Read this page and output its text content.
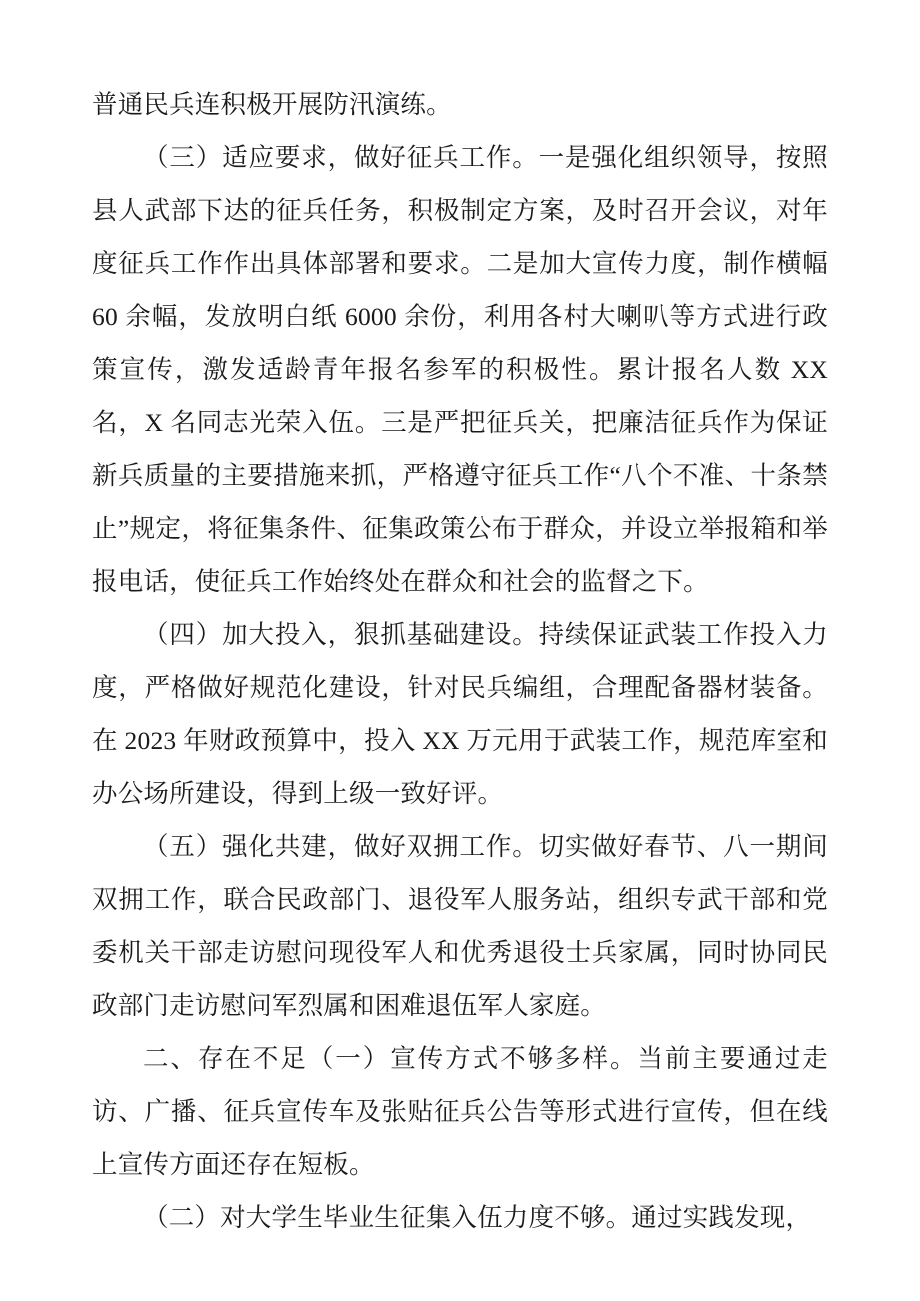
普通民兵连积极开展防汛演练。

（三）适应要求，做好征兵工作。一是强化组织领导，按照县人武部下达的征兵任务，积极制定方案，及时召开会议，对年度征兵工作作出具体部署和要求。二是加大宣传力度，制作横幅 60 余幅，发放明白纸 6000 余份，利用各村大喇叭等方式进行政策宣传，激发适龄青年报名参军的积极性。累计报名人数 XX 名，X 名同志光荣入伍。三是严把征兵关，把廉洁征兵作为保证新兵质量的主要措施来抓，严格遵守征兵工作“八个不准、十条禁止”规定，将征集条件、征集政策公布于群众，并设立举报箱和举报电话，使征兵工作始终处在群众和社会的监督之下。

（四）加大投入，狠抓基础建设。持续保证武装工作投入力度，严格做好规范化建设，针对民兵编组，合理配备器材装备。在 2023 年财政预算中，投入 XX 万元用于武装工作，规范库室和办公场所建设，得到上级一致好评。

（五）强化共建，做好双拥工作。切实做好春节、八一期间双拥工作，联合民政部门、退役军人服务站，组织专武干部和党委机关干部走访慰问现役军人和优秀退役士兵家属，同时协同民政部门走访慰问军烈属和困难退伍军人家庭。

二、存在不足（一）宣传方式不够多样。当前主要通过走访、广播、征兵宣传车及张贴征兵公告等形式进行宣传，但在线上宣传方面还存在短板。

（二）对大学生毕业生征集入伍力度不够。通过实践发现，
